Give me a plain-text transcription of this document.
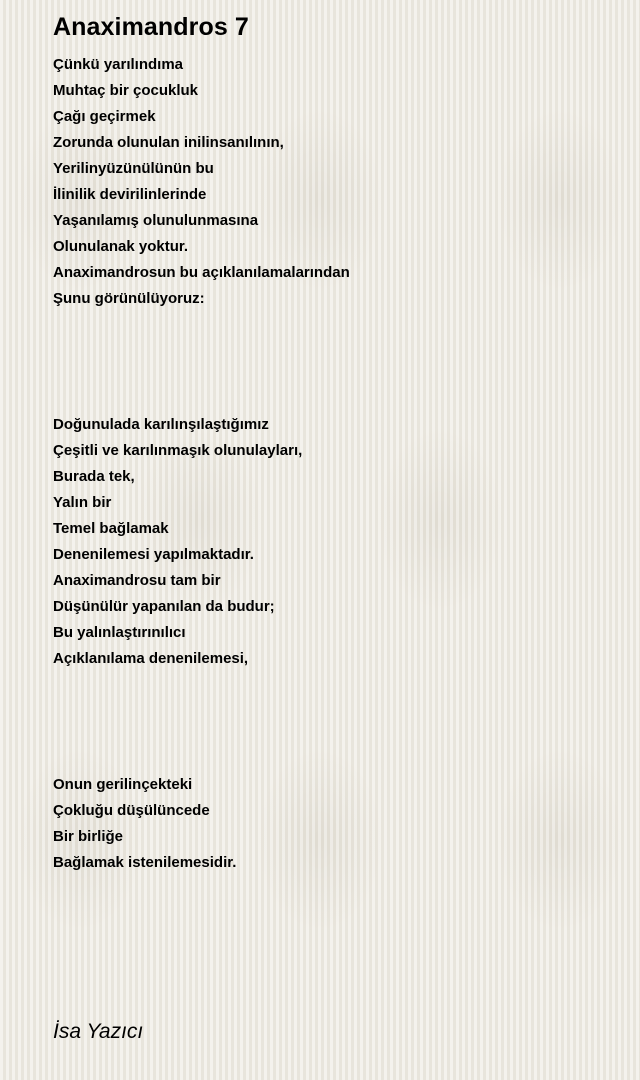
Anaximandros 7
Çünkü yarılındıma
Muhtaç bir çocukluk
Çağı geçirmek
Zorunda olunulan inilinsanılının,
Yerilinyüzünülünün bu
İlinilik devirilinlerinde
Yaşanılamış olunulunmasına
Olunulanak yoktur.
Anaximandrosun bu açıklanılamalarından
Şunu görünülüyoruz:
Doğunulada karılınşılaştığımız
Çeşitli ve karılınmaşık olunulayları,
Burada tek,
Yalın bir
Temel bağlamak
Denenilemesi yapılmaktadır.
Anaximandrosu tam bir
Düşünülür yapanılan da budur;
Bu yalınlaştırınılıcı
Açıklanılama denenilemesi,
Onun gerilinçekteki
Çokluğu düşülüncede
Bir birliğe
Bağlamak istenilemesidir.

İsa Yazıcı
